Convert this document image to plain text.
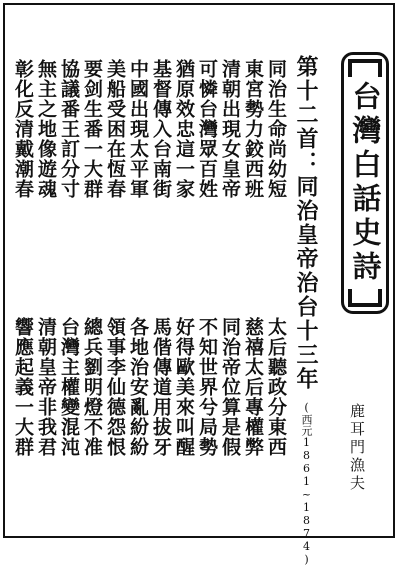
台灣白話史詩
第十二首：同治皇帝治台十三年
(西元1861~1874) 鹿耳門漁夫
同治生命尚幼短
東宮勢力鉸西班
清朝出現女皇帝
可憐台灣眾百姓
猶原效忠這一家
基督傳入台南街
中國出現太平軍
美船受困在恆春
要剑生番一大群
協議番王訂分寸
無主之地像遊魂
彰化反清戴潮春
太后聽政分東西
慈禧太后專權弊
同治帝位算是假
不知世界兮局勢
好得歐美來叫醒
馬偕傳道用拔牙
各地治安亂紛紛
領事李仙德怨恨
總兵劉明燈不准
台灣主權變混沌
清朝皇帝非我君
響應起義一大群
